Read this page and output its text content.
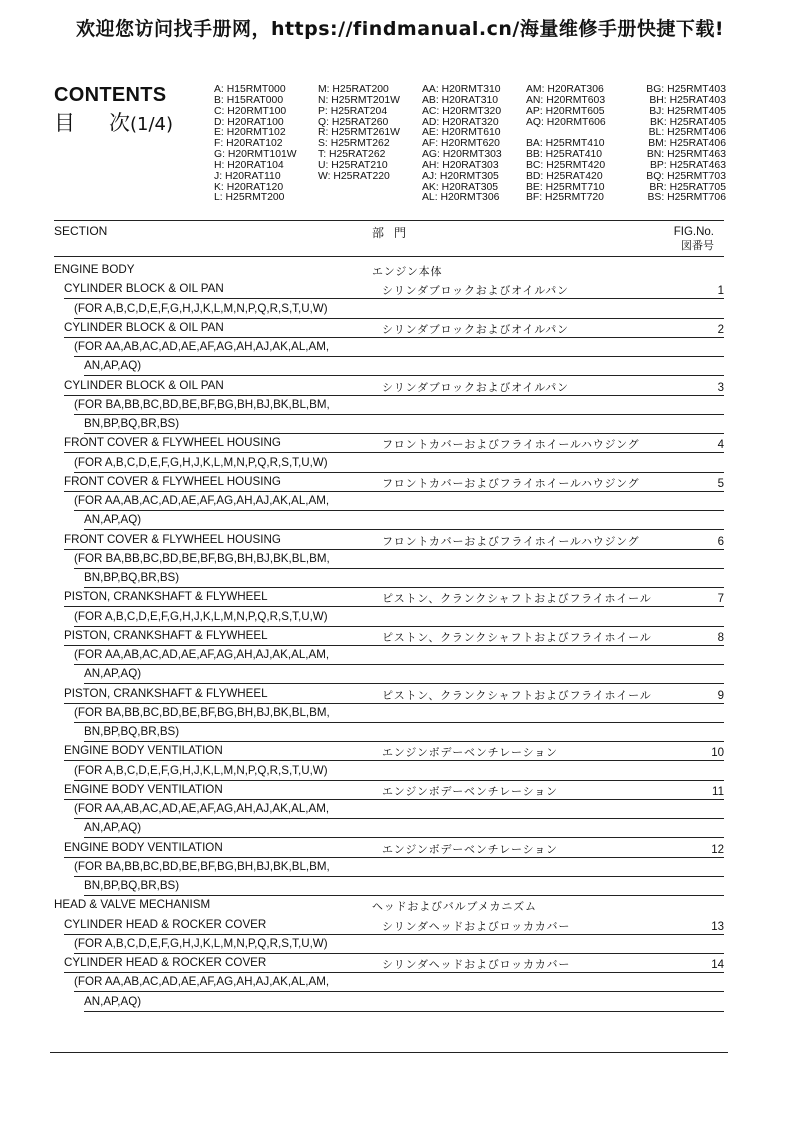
欢迎您访问找手册网，https://findmanual.cn/海量维修手册快捷下载!
CONTENTS
目 次(1/4)
A: H15RMT000
B: H15RAT000
C: H20RMT100
D: H20RAT100
E: H20RMT102
F: H20RAT102
G: H20RMT101W
H: H20RAT104
J: H20RAT110
K: H20RAT120
L: H25RMT200
M: H25RAT200
N: H25RMT201W
P: H25RAT204
Q: H25RAT260
R: H25RMT261W
S: H25RMT262
T: H25RAT262
U: H25RAT210
W: H25RAT220
AA: H20RMT310
AB: H20RAT310
AC: H20RMT320
AD: H20RAT320
AE: H20RMT610
AF: H20RMT620
AG: H20RMT303
AH: H20RAT303
AJ: H20RMT305
AK: H20RAT305
AL: H20RMT306
AM: H20RAT306
AN: H20RMT603
AP: H20RMT605
AQ: H20RMT606
BA: H25RMT410
BB: H25RAT410
BC: H25RMT420
BD: H25RAT420
BE: H25RMT710
BF: H25RMT720
BG: H25RMT403
BH: H25RAT403
BJ: H25RMT405
BK: H25RAT405
BL: H25RMT406
BM: H25RAT406
BN: H25RMT463
BP: H25RAT463
BQ: H25RMT703
BR: H25RAT705
BS: H25RMT706
SECTION	部門	FIG.No.
図番号
ENGINE BODY	エンジン本体
CYLINDER BLOCK & OIL PAN	シリンダブロックおよびオイルパン	1
(FOR A,B,C,D,E,F,G,H,J,K,L,M,N,P,Q,R,S,T,U,W)
CYLINDER BLOCK & OIL PAN	シリンダブロックおよびオイルパン	2
(FOR AA,AB,AC,AD,AE,AF,AG,AH,AJ,AK,AL,AM,
AN,AP,AQ)
CYLINDER BLOCK & OIL PAN	シリンダブロックおよびオイルパン	3
(FOR BA,BB,BC,BD,BE,BF,BG,BH,BJ,BK,BL,BM,
BN,BP,BQ,BR,BS)
FRONT COVER & FLYWHEEL HOUSING	フロントカバーおよびフライホイールハウジング	4
(FOR A,B,C,D,E,F,G,H,J,K,L,M,N,P,Q,R,S,T,U,W)
FRONT COVER & FLYWHEEL HOUSING	フロントカバーおよびフライホイールハウジング	5
(FOR AA,AB,AC,AD,AE,AF,AG,AH,AJ,AK,AL,AM,
AN,AP,AQ)
FRONT COVER & FLYWHEEL HOUSING	フロントカバーおよびフライホイールハウジング	6
(FOR BA,BB,BC,BD,BE,BF,BG,BH,BJ,BK,BL,BM,
BN,BP,BQ,BR,BS)
PISTON, CRANKSHAFT & FLYWHEEL	ピストン、クランクシャフトおよびフライホイール	7
(FOR A,B,C,D,E,F,G,H,J,K,L,M,N,P,Q,R,S,T,U,W)
PISTON, CRANKSHAFT & FLYWHEEL	ピストン、クランクシャフトおよびフライホイール	8
(FOR AA,AB,AC,AD,AE,AF,AG,AH,AJ,AK,AL,AM,
AN,AP,AQ)
PISTON, CRANKSHAFT & FLYWHEEL	ピストン、クランクシャフトおよびフライホイール	9
(FOR BA,BB,BC,BD,BE,BF,BG,BH,BJ,BK,BL,BM,
BN,BP,BQ,BR,BS)
ENGINE BODY VENTILATION	エンジンボデーベンチレーション	10
(FOR A,B,C,D,E,F,G,H,J,K,L,M,N,P,Q,R,S,T,U,W)
ENGINE BODY VENTILATION	エンジンボデーベンチレーション	11
(FOR AA,AB,AC,AD,AE,AF,AG,AH,AJ,AK,AL,AM,
AN,AP,AQ)
ENGINE BODY VENTILATION	エンジンボデーベンチレーション	12
(FOR BA,BB,BC,BD,BE,BF,BG,BH,BJ,BK,BL,BM,
BN,BP,BQ,BR,BS)
HEAD & VALVE MECHANISM	ヘッドおよびバルブメカニズム
CYLINDER HEAD & ROCKER COVER	シリンダヘッドおよびロッカカバー	13
(FOR A,B,C,D,E,F,G,H,J,K,L,M,N,P,Q,R,S,T,U,W)
CYLINDER HEAD & ROCKER COVER	シリンダヘッドおよびロッカカバー	14
(FOR AA,AB,AC,AD,AE,AF,AG,AH,AJ,AK,AL,AM,
AN,AP,AQ)
